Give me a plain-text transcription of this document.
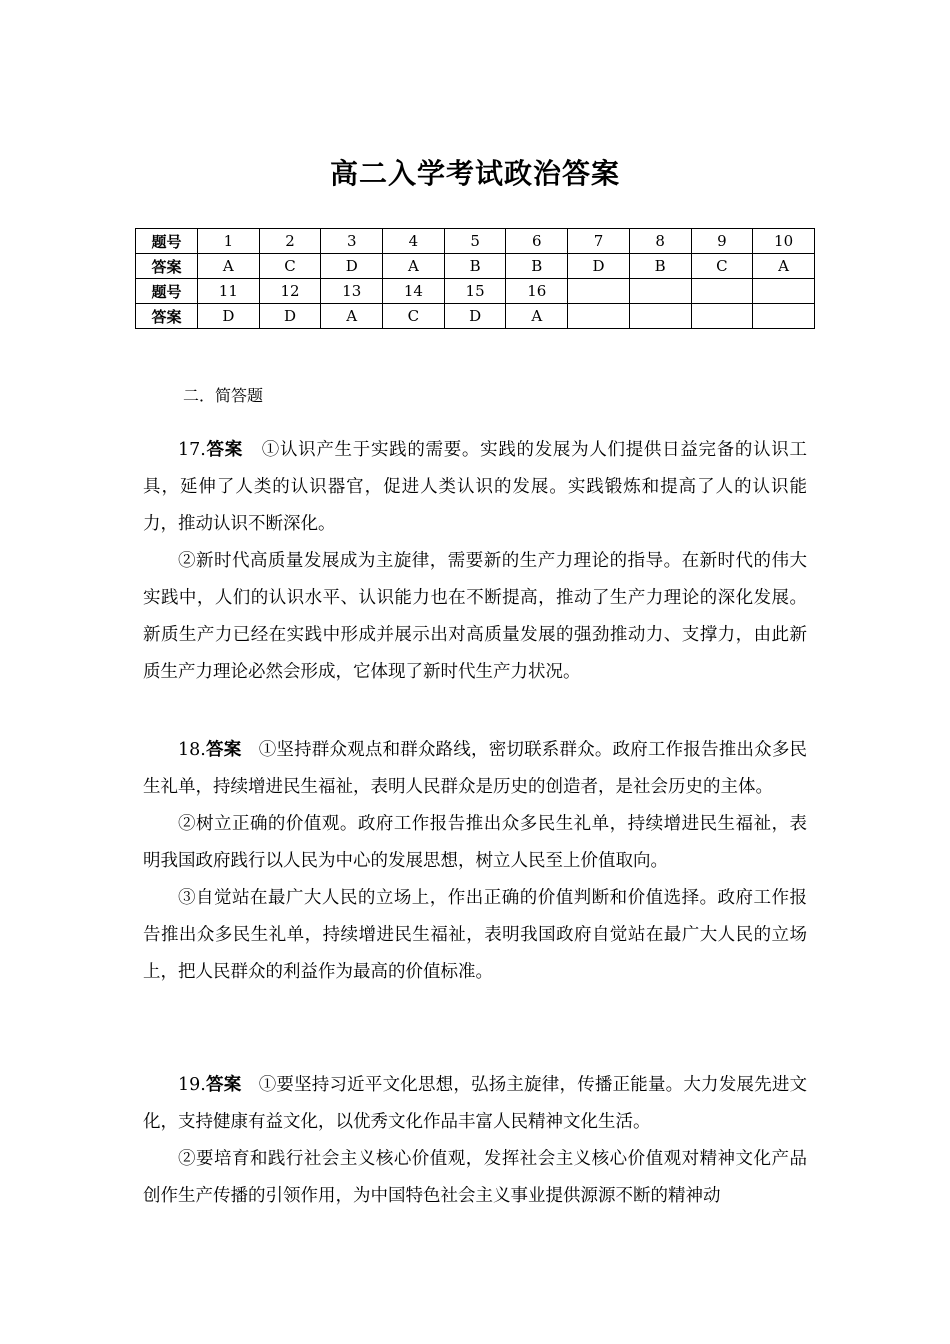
高二入学考试政治答案
题号	1	2	3	4	5	6	7	8	9	10
答案	A	C	D	A	B	B	D	B	C	A
题号	11	12	13	14	15	16				
答案	D	D	A	C	D	A				
二．简答题

17.答案 ①认识产生于实践的需要。实践的发展为人们提供日益完备的认识工具，延伸了人类的认识器官，促进人类认识的发展。实践锻炼和提高了人的认识能力，推动认识不断深化。

②新时代高质量发展成为主旋律，需要新的生产力理论的指导。在新时代的伟大实践中，人们的认识水平、认识能力也在不断提高，推动了生产力理论的深化发展。新质生产力已经在实践中形成并展示出对高质量发展的强劲推动力、支撑力，由此新质生产力理论必然会形成，它体现了新时代生产力状况。

18.答案 ①坚持群众观点和群众路线，密切联系群众。政府工作报告推出众多民生礼单，持续增进民生福祉，表明人民群众是历史的创造者，是社会历史的主体。

②树立正确的价值观。政府工作报告推出众多民生礼单，持续增进民生福祉，表明我国政府践行以人民为中心的发展思想，树立人民至上价值取向。

③自觉站在最广大人民的立场上，作出正确的价值判断和价值选择。政府工作报告推出众多民生礼单，持续增进民生福祉，表明我国政府自觉站在最广大人民的立场上，把人民群众的利益作为最高的价值标准。

19.答案 ①要坚持习近平文化思想，弘扬主旋律，传播正能量。大力发展先进文化，支持健康有益文化，以优秀文化作品丰富人民精神文化生活。

②要培育和践行社会主义核心价值观，发挥社会主义核心价值观对精神文化产品创作生产传播的引领作用，为中国特色社会主义事业提供源源不断的精神动
